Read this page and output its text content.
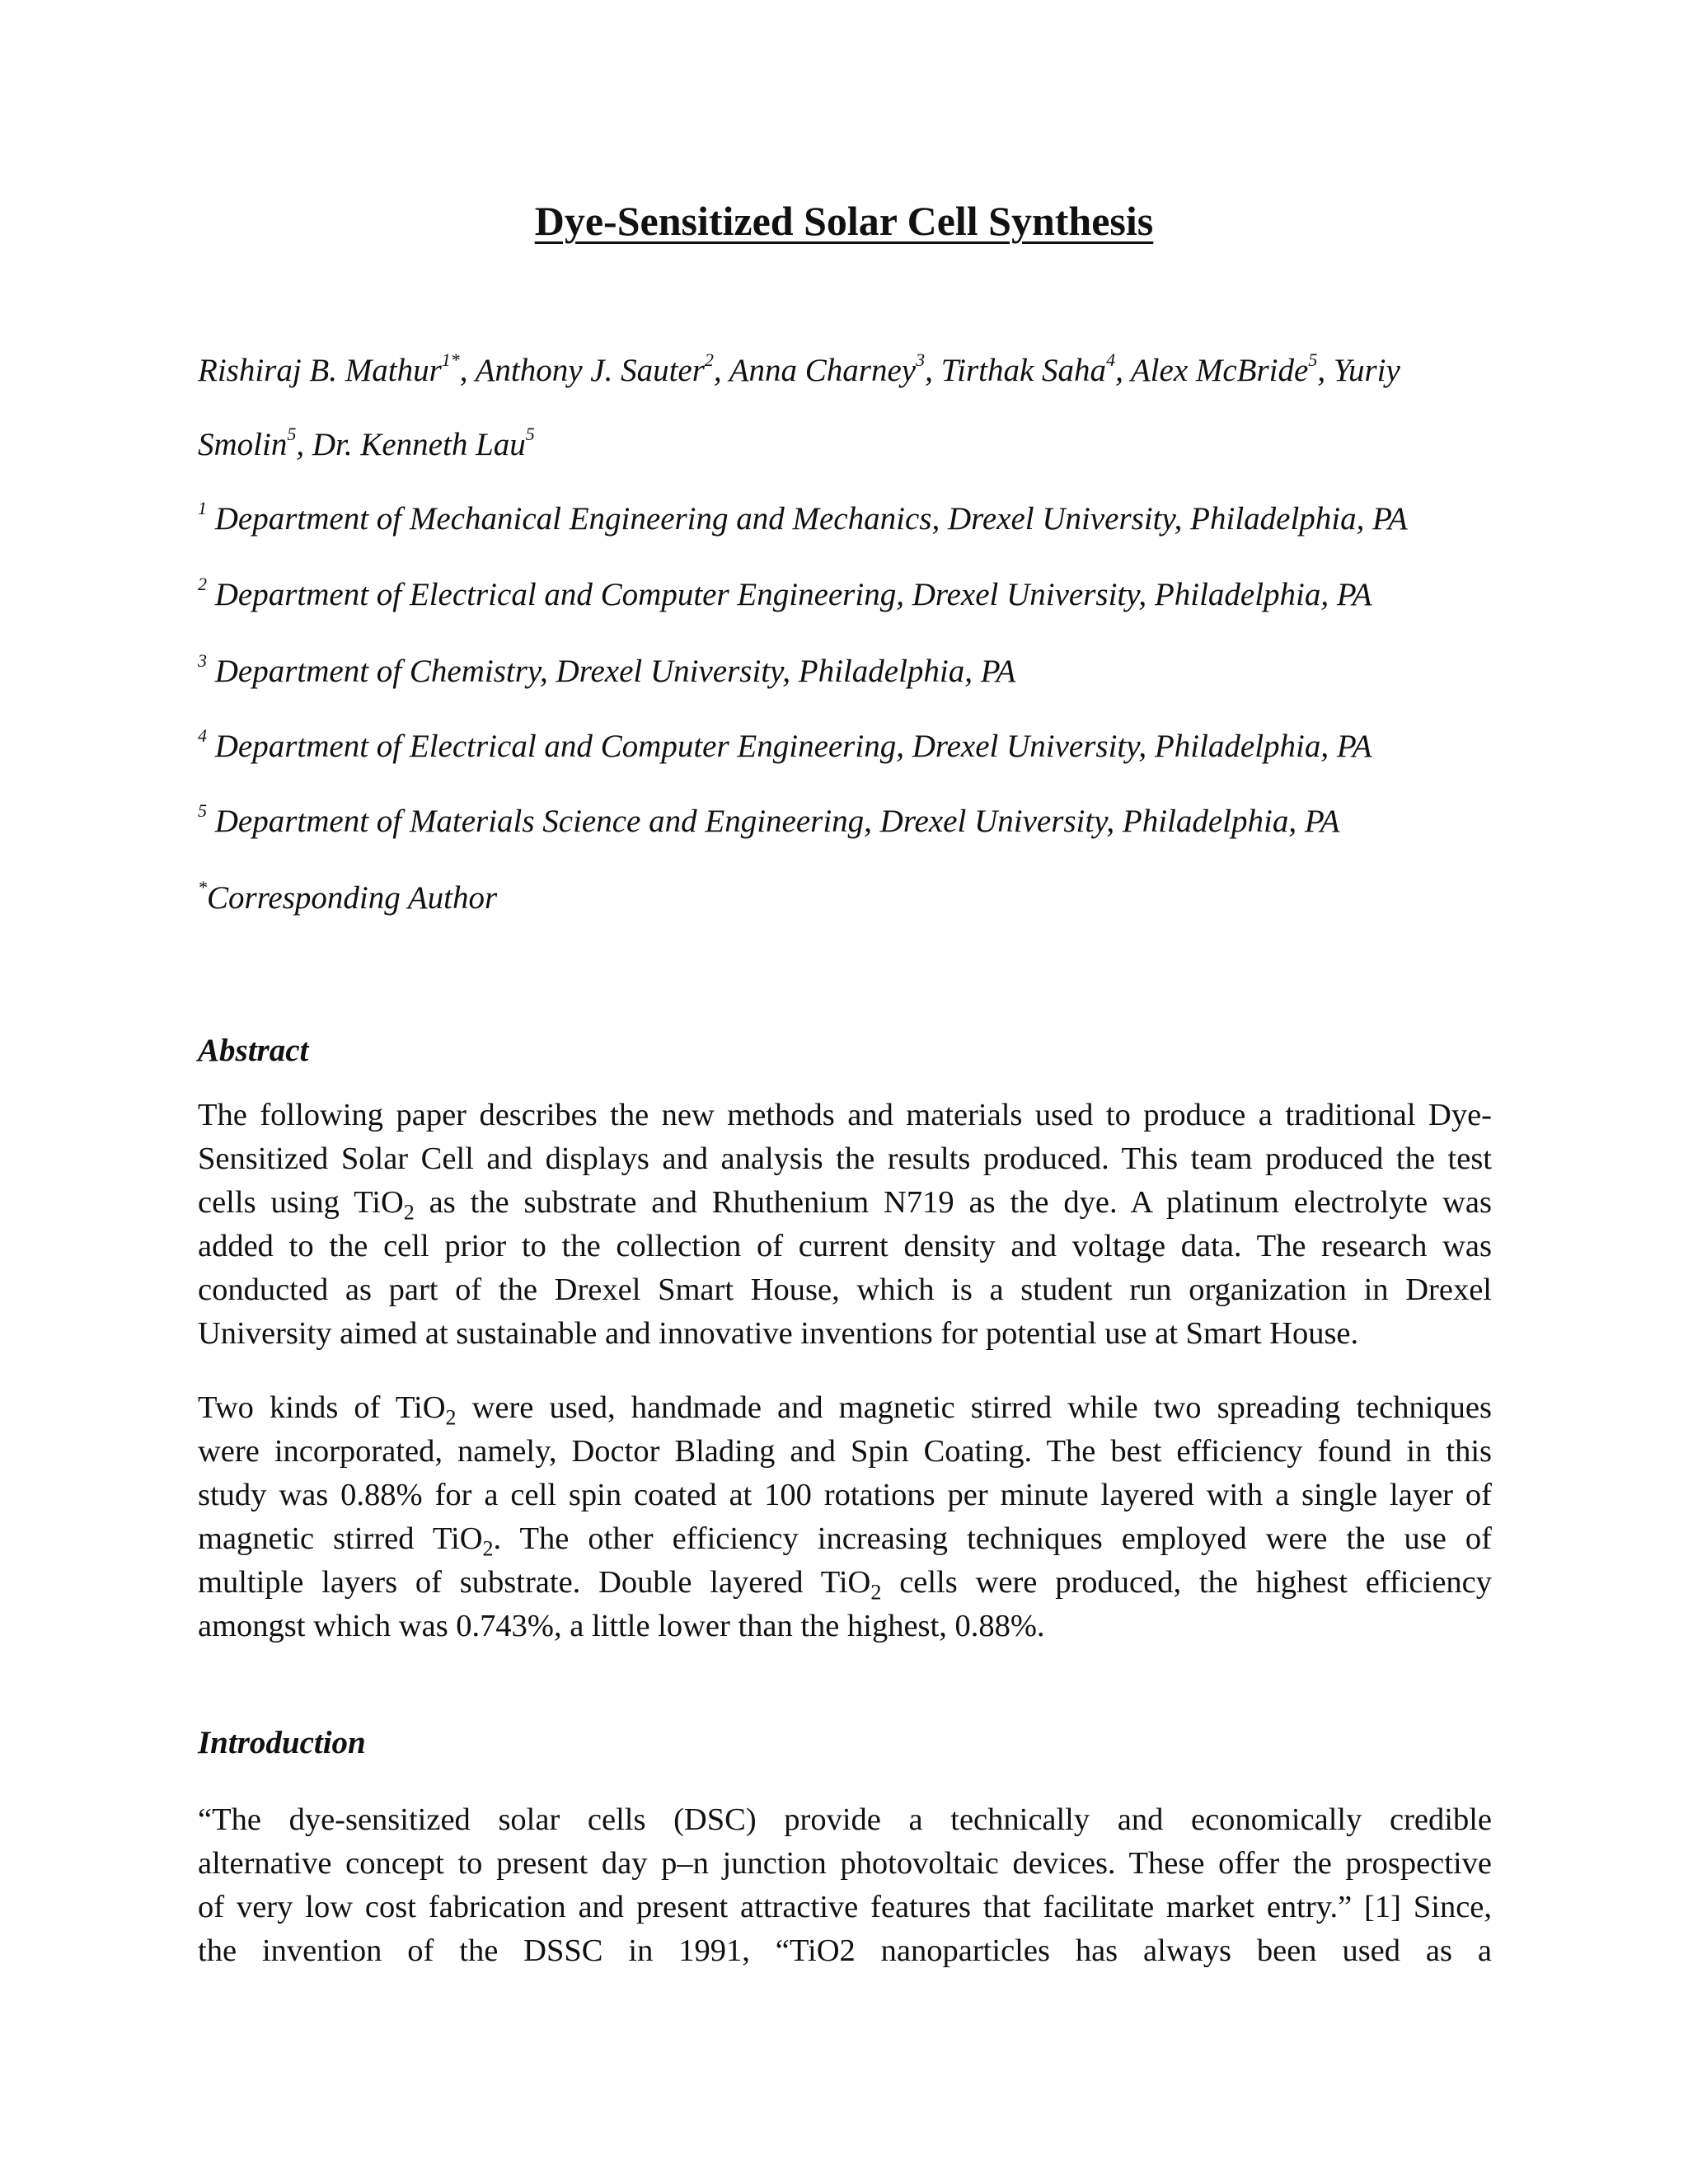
Dye-Sensitized Solar Cell Synthesis
Rishiraj B. Mathur$^{1*}$, Anthony J. Sauter$^2$, Anna Charney$^3$, Tirthak Saha$^4$, Alex McBride$^5$, Yuriy
Smolin$^5$, Dr. Kenneth Lau$^5$
$^1$ Department of Mechanical Engineering and Mechanics, Drexel University, Philadelphia, PA
$^2$ Department of Electrical and Computer Engineering, Drexel University, Philadelphia, PA
$^3$ Department of Chemistry, Drexel University, Philadelphia, PA
$^4$ Department of Electrical and Computer Engineering, Drexel University, Philadelphia, PA
$^5$ Department of Materials Science and Engineering, Drexel University, Philadelphia, PA
*Corresponding Author
Abstract
The following paper describes the new methods and materials used to produce a traditional Dye-
Sensitized Solar Cell and displays and analysis the results produced. This team produced the test
cells using TiO$_2$ as the substrate and Rhuthenium N719 as the dye. A platinum electrolyte was
added to the cell prior to the collection of current density and voltage data. The research was
conducted as part of the Drexel Smart House, which is a student run organization in Drexel
University aimed at sustainable and innovative inventions for potential use at Smart House.
Two kinds of TiO$_2$ were used, handmade and magnetic stirred while two spreading techniques
were incorporated, namely, Doctor Blading and Spin Coating. The best efficiency found in this
study was 0.88% for a cell spin coated at 100 rotations per minute layered with a single layer of
magnetic stirred TiO$_2$. The other efficiency increasing techniques employed were the use of
multiple layers of substrate. Double layered TiO$_2$ cells were produced, the highest efficiency
amongst which was 0.743%, a little lower than the highest, 0.88%.
Introduction
“The dye-sensitized solar cells (DSC) provide a technically and economically credible
alternative concept to present day p–n junction photovoltaic devices. These offer the prospective
of very low cost fabrication and present attractive features that facilitate market entry.” [1] Since,
the invention of the DSSC in 1991, “TiO2 nanoparticles has always been used as a
